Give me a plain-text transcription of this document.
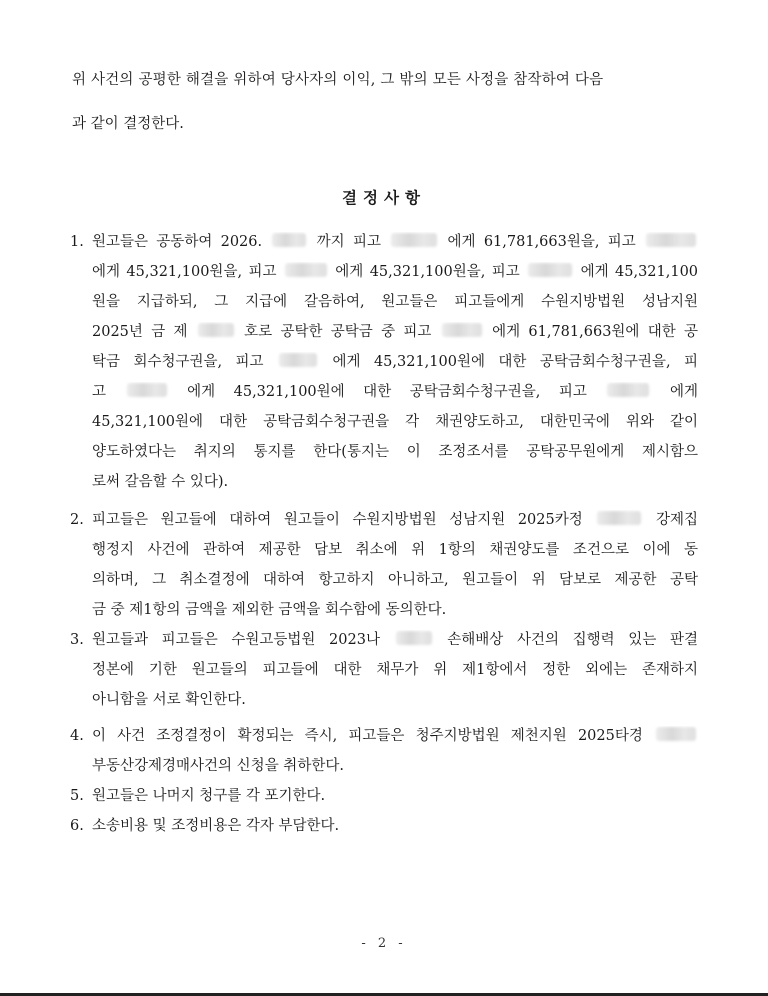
위 사건의 공평한 해결을 위하여 당사자의 이익, 그 밖의 모든 사정을 참작하여 다음
과 같이 결정한다.
결정사항
1. 원고들은 공동하여 2026.	까지 피고	에게 61,781,663원을, 피고
에게 45,321,100원을, 피고	에게 45,321,100원을, 피고	에게 45,321,100
원을 지급하되, 그 지급에 갈음하여, 원고들은 피고들에게 수원지방법원 성남지원
2025년 금 제	호로 공탁한 공탁금 중 피고	에게 61,781,663원에 대한 공
탁금 회수청구권을, 피고	에게 45,321,100원에 대한 공탁금회수청구권을, 피
고	에게 45,321,100원에 대한 공탁금회수청구권을, 피고	에게
45,321,100원에 대한 공탁금회수청구권을 각 채권양도하고, 대한민국에 위와 같이
양도하였다는 취지의 통지를 한다(통지는 이 조정조서를 공탁공무원에게 제시함으
로써 갈음할 수 있다).
2. 피고들은 원고들에 대하여 원고들이 수원지방법원 성남지원 2025카정	강제집
행정지 사건에 관하여 제공한 담보 취소에 위 1항의 채권양도를 조건으로 이에 동
의하며, 그 취소결정에 대하여 항고하지 아니하고, 원고들이 위 담보로 제공한 공탁
금 중 제1항의 금액을 제외한 금액을 회수함에 동의한다.
3. 원고들과 피고들은 수원고등법원 2023나	손해배상 사건의 집행력 있는 판결
정본에 기한 원고들의 피고들에 대한 채무가 위 제1항에서 정한 외에는 존재하지
아니함을 서로 확인한다.
4. 이 사건 조정결정이 확정되는 즉시, 피고들은 청주지방법원 제천지원 2025타경
부동산강제경매사건의 신청을 취하한다.
5. 원고들은 나머지 청구를 각 포기한다.
6. 소송비용 및 조정비용은 각자 부담한다.
- 2 -
